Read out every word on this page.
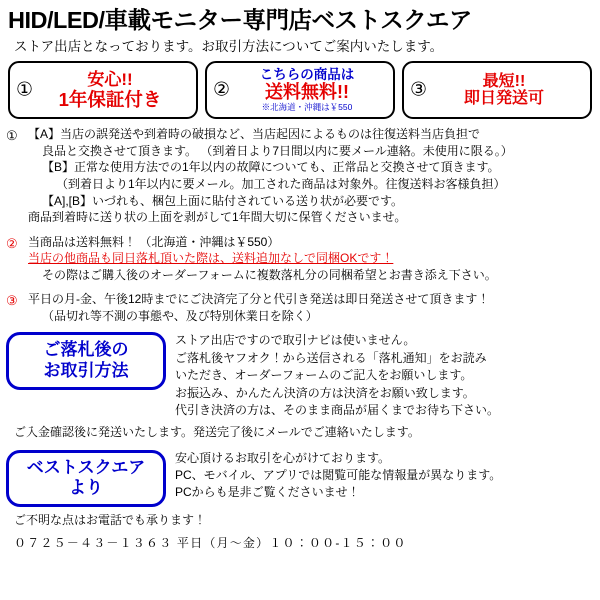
HID/LED/車載モニター専門店ベストスクエア
ストア出店となっております。お取引方法についてご案内いたします。
①
安心!!
1年保証付き	②
こちらの商品は
送料無料!!
※北海道・沖縄は￥550
③	最短!!
即日発送可
① 【A】当店の誤発送や到着時の破損など、当店起因によるものは往復送料当店負担で

良品と交換させて頂きます。 （到着日より7日間以内に要メール連絡。未使用に限る。）

【B】正常な使用方法での1年以内の故障についても、正常品と交換させて頂きます。

（到着日より1年以内に要メール。加工された商品は対象外。往復送料お客様負担）

【A],[B】いづれも、梱包上面に貼付されている送り状が必要です。

商品到着時に送り状の上面を剥がして1年間大切に保管くださいませ。

② 当商品は送料無料！ （北海道・沖縄は￥550）

当店の他商品も同日落札頂いた際は、送料追加なしで同梱OKです！

その際はご購入後のオーダーフォームに複数落札分の同梱希望とお書き添え下さい。

③ 平日の月-金、午後12時までにご決済完了分と代引き発送は即日発送させて頂きます！

（品切れ等不測の事態や、及び特別休業日を除く）

ご落札後の
お取引方法

ストア出店ですので取引ナビは使いません。

ご落札後ヤフオク！から送信される「落札通知」をお読み

いただき、オーダーフォームのご記入をお願いします。

お振込み、かんたん決済の方は決済をお願い致します。

代引き決済の方は、そのまま商品が届くまでお待ち下さい。

ご入金確認後に発送いたします。発送完了後にメールでご連絡いたします。
ベストスクエア
より

安心頂けるお取引を心がけております。

PC、モバイル、アプリでは閲覧可能な情報量が異なります。

PCからも是非ご覧くださいませ！

ご不明な点はお電話でも承ります！
０７２５－４３－１３６３ 平日（月～金）１０：００-１５：００
